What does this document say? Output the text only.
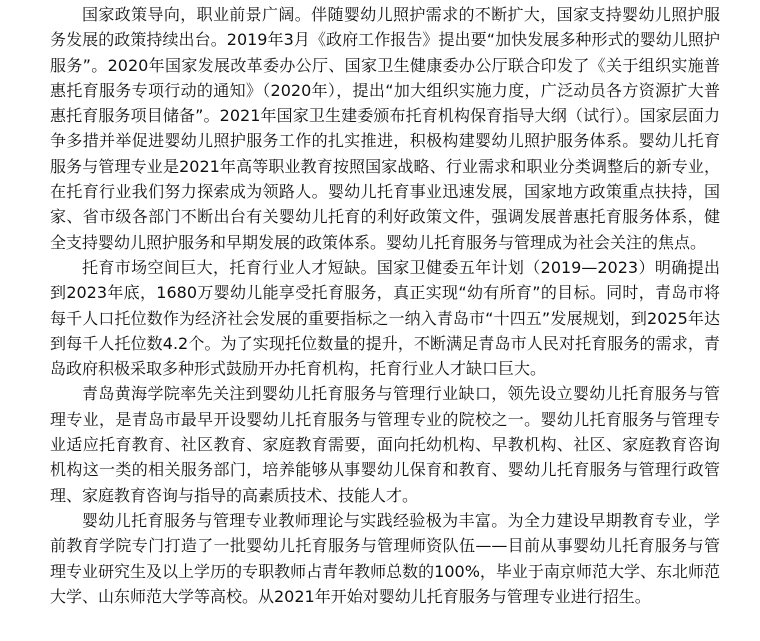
国家政策导向，职业前景广阔。伴随婴幼儿照护需求的不断扩大，国家支持婴幼儿照护服务发展的政策持续出台。2019年3月《政府工作报告》提出要“加快发展多种形式的婴幼儿照护服务”。2020年国家发展改革委办公厅、国家卫生健康委办公厅联合印发了《关于组织实施普惠托育服务专项行动的通知》（2020年），提出“加大组织实施力度，广泛动员各方资源扩大普惠托育服务项目储备”。2021年国家卫生建委颁布托育机构保育指导大纲（试行）。国家层面力争多措并举促进婴幼儿照护服务工作的扎实推进，积极构建婴幼儿照护服务体系。婴幼儿托育服务与管理专业是2021年高等职业教育按照国家战略、行业需求和职业分类调整后的新专业，在托育行业我们努力探索成为领路人。婴幼儿托育事业迅速发展，国家地方政策重点扶持，国家、省市级各部门不断出台有关婴幼儿托育的利好政策文件，强调发展普惠托育服务体系，健全支持婴幼儿照护服务和早期发展的政策体系。婴幼儿托育服务与管理成为社会关注的焦点。

托育市场空间巨大，托育行业人才短缺。国家卫健委五年计划（2019—2023）明确提出到2023年底，1680万婴幼儿能享受托育服务，真正实现“幼有所育”的目标。同时，青岛市将每千人口托位数作为经济社会发展的重要指标之一纳入青岛市“十四五”发展规划，到2025年达到每千人托位数4.2个。为了实现托位数量的提升，不断满足青岛市人民对托育服务的需求，青岛政府积极采取多种形式鼓励开办托育机构，托育行业人才缺口巨大。

青岛黄海学院率先关注到婴幼儿托育服务与管理行业缺口，领先设立婴幼儿托育服务与管理专业，是青岛市最早开设婴幼儿托育服务与管理专业的院校之一。婴幼儿托育服务与管理专业适应托育教育、社区教育、家庭教育需要，面向托幼机构、早教机构、社区、家庭教育咨询机构这一类的相关服务部门，培养能够从事婴幼儿保育和教育、婴幼儿托育服务与管理行政管理、家庭教育咨询与指导的高素质技术、技能人才。

婴幼儿托育服务与管理专业教师理论与实践经验极为丰富。为全力建设早期教育专业，学前教育学院专门打造了一批婴幼儿托育服务与管理师资队伍——目前从事婴幼儿托育服务与管理专业研究生及以上学历的专职教师占青年教师总数的100%，毕业于南京师范大学、东北师范大学、山东师范大学等高校。从2021年开始对婴幼儿托育服务与管理专业进行招生。
